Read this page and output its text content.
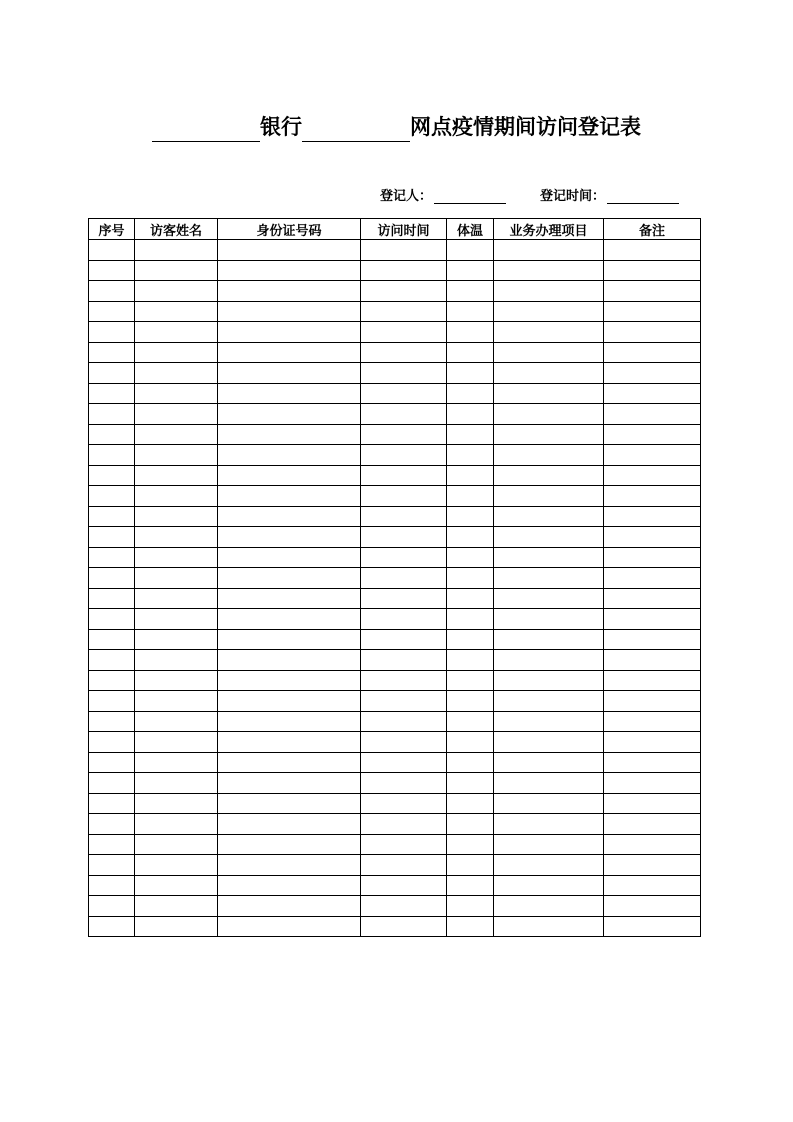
银行	网点疫情期间访问登记表
登记人：	登记时间：
序号	访客姓名	身份证号码	访问时间	体温	业务办理项目	备注
